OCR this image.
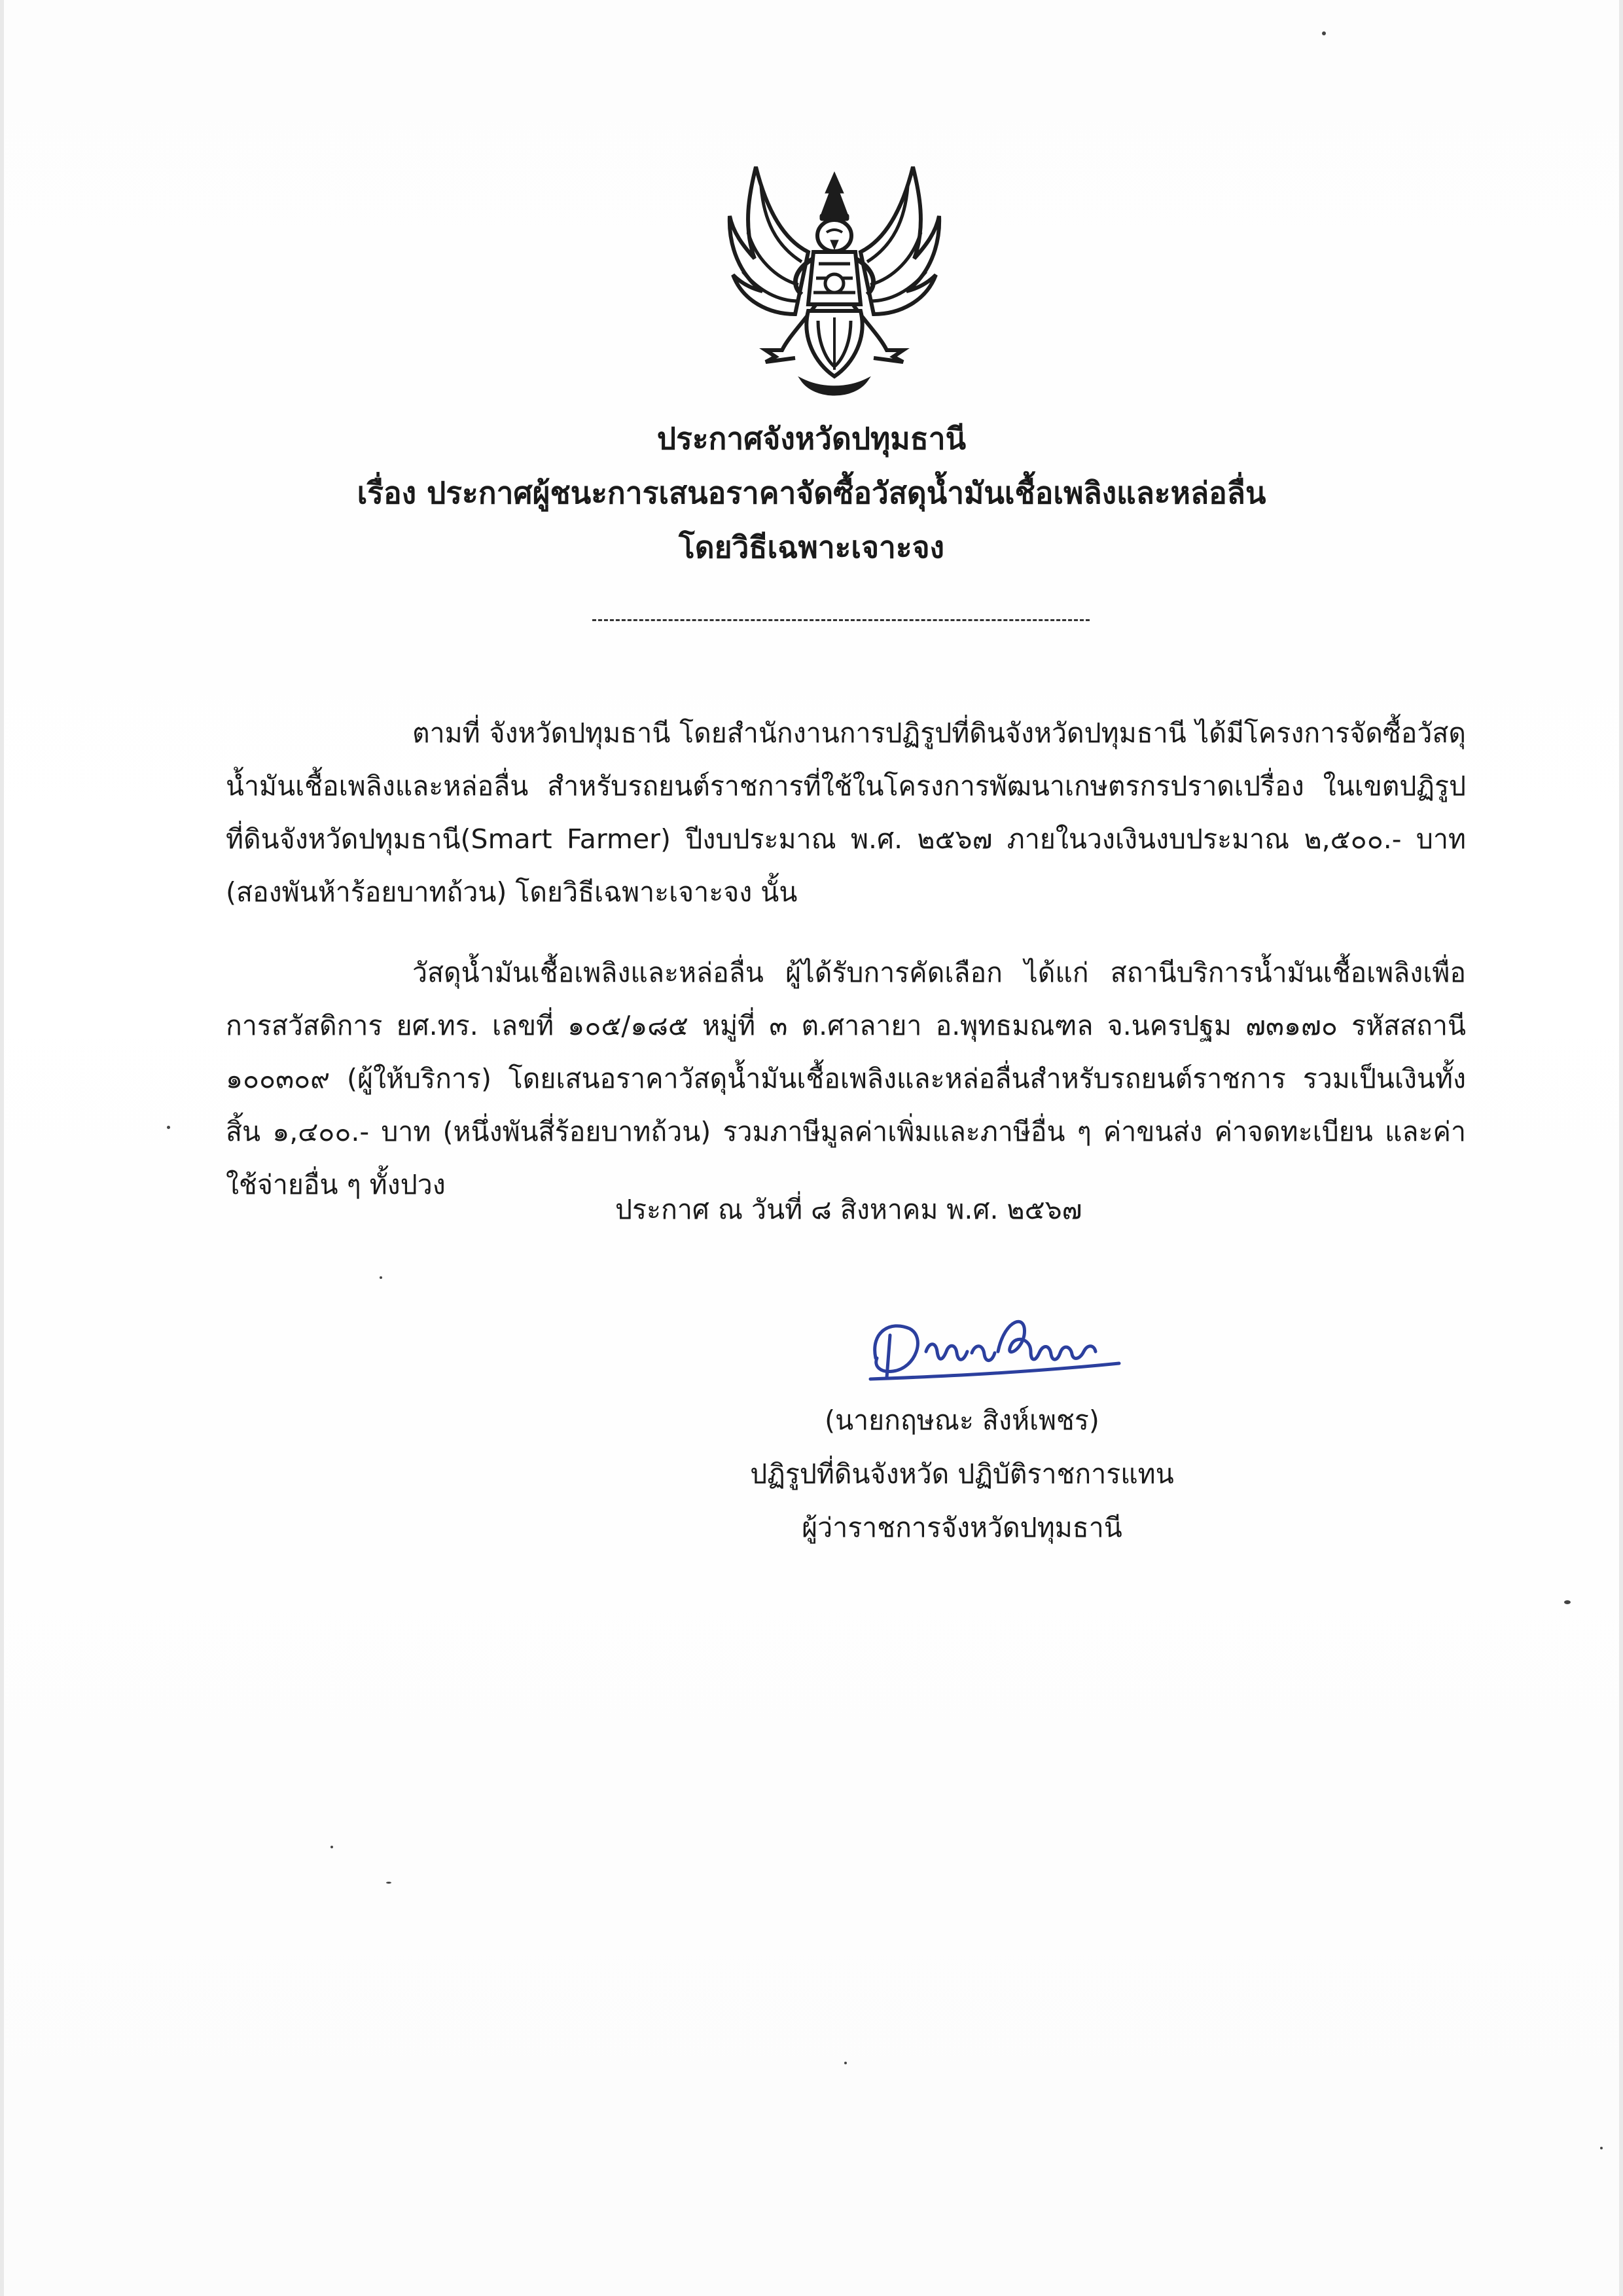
ประกาศจังหวัดปทุมธานี
เรื่อง ประกาศผู้ชนะการเสนอราคาจัดซื้อวัสดุน้ำมันเชื้อเพลิงและหล่อลื่น
โดยวิธีเฉพาะเจาะจง
ตามที่ จังหวัดปทุมธานี โดยสำนักงานการปฏิรูปที่ดินจังหวัดปทุมธานี ได้มีโครงการจัดซื้อวัสดุน้ำมันเชื้อเพลิงและหล่อลื่น สำหรับรถยนต์ราชการที่ใช้ในโครงการพัฒนาเกษตรกรปราดเปรื่อง ในเขตปฏิรูปที่ดินจังหวัดปทุมธานี(Smart Farmer) ปีงบประมาณ พ.ศ. ๒๕๖๗ ภายในวงเงินงบประมาณ ๒,๕๐๐.- บาท (สองพันห้าร้อยบาทถ้วน) โดยวิธีเฉพาะเจาะจง นั้น
วัสดุน้ำมันเชื้อเพลิงและหล่อลื่น ผู้ได้รับการคัดเลือก ได้แก่ สถานีบริการน้ำมันเชื้อเพลิงเพื่อการสวัสดิการ ยศ.ทร. เลขที่ ๑๐๕/๑๘๕ หมู่ที่ ๓ ต.ศาลายา อ.พุทธมณฑล จ.นครปฐม ๗๓๑๗๐ รหัสสถานี ๑๐๐๓๐๙ (ผู้ให้บริการ) โดยเสนอราคาวัสดุน้ำมันเชื้อเพลิงและหล่อลื่นสำหรับรถยนต์ราชการ รวมเป็นเงินทั้งสิ้น ๑,๔๐๐.- บาท (หนึ่งพันสี่ร้อยบาทถ้วน) รวมภาษีมูลค่าเพิ่มและภาษีอื่น ๆ ค่าขนส่ง ค่าจดทะเบียน และค่าใช้จ่ายอื่น ๆ ทั้งปวง
ประกาศ ณ วันที่ ๘ สิงหาคม พ.ศ. ๒๕๖๗
(นายกฤษณะ สิงห์เพชร)
ปฏิรูปที่ดินจังหวัด ปฏิบัติราชการแทน
ผู้ว่าราชการจังหวัดปทุมธานี
